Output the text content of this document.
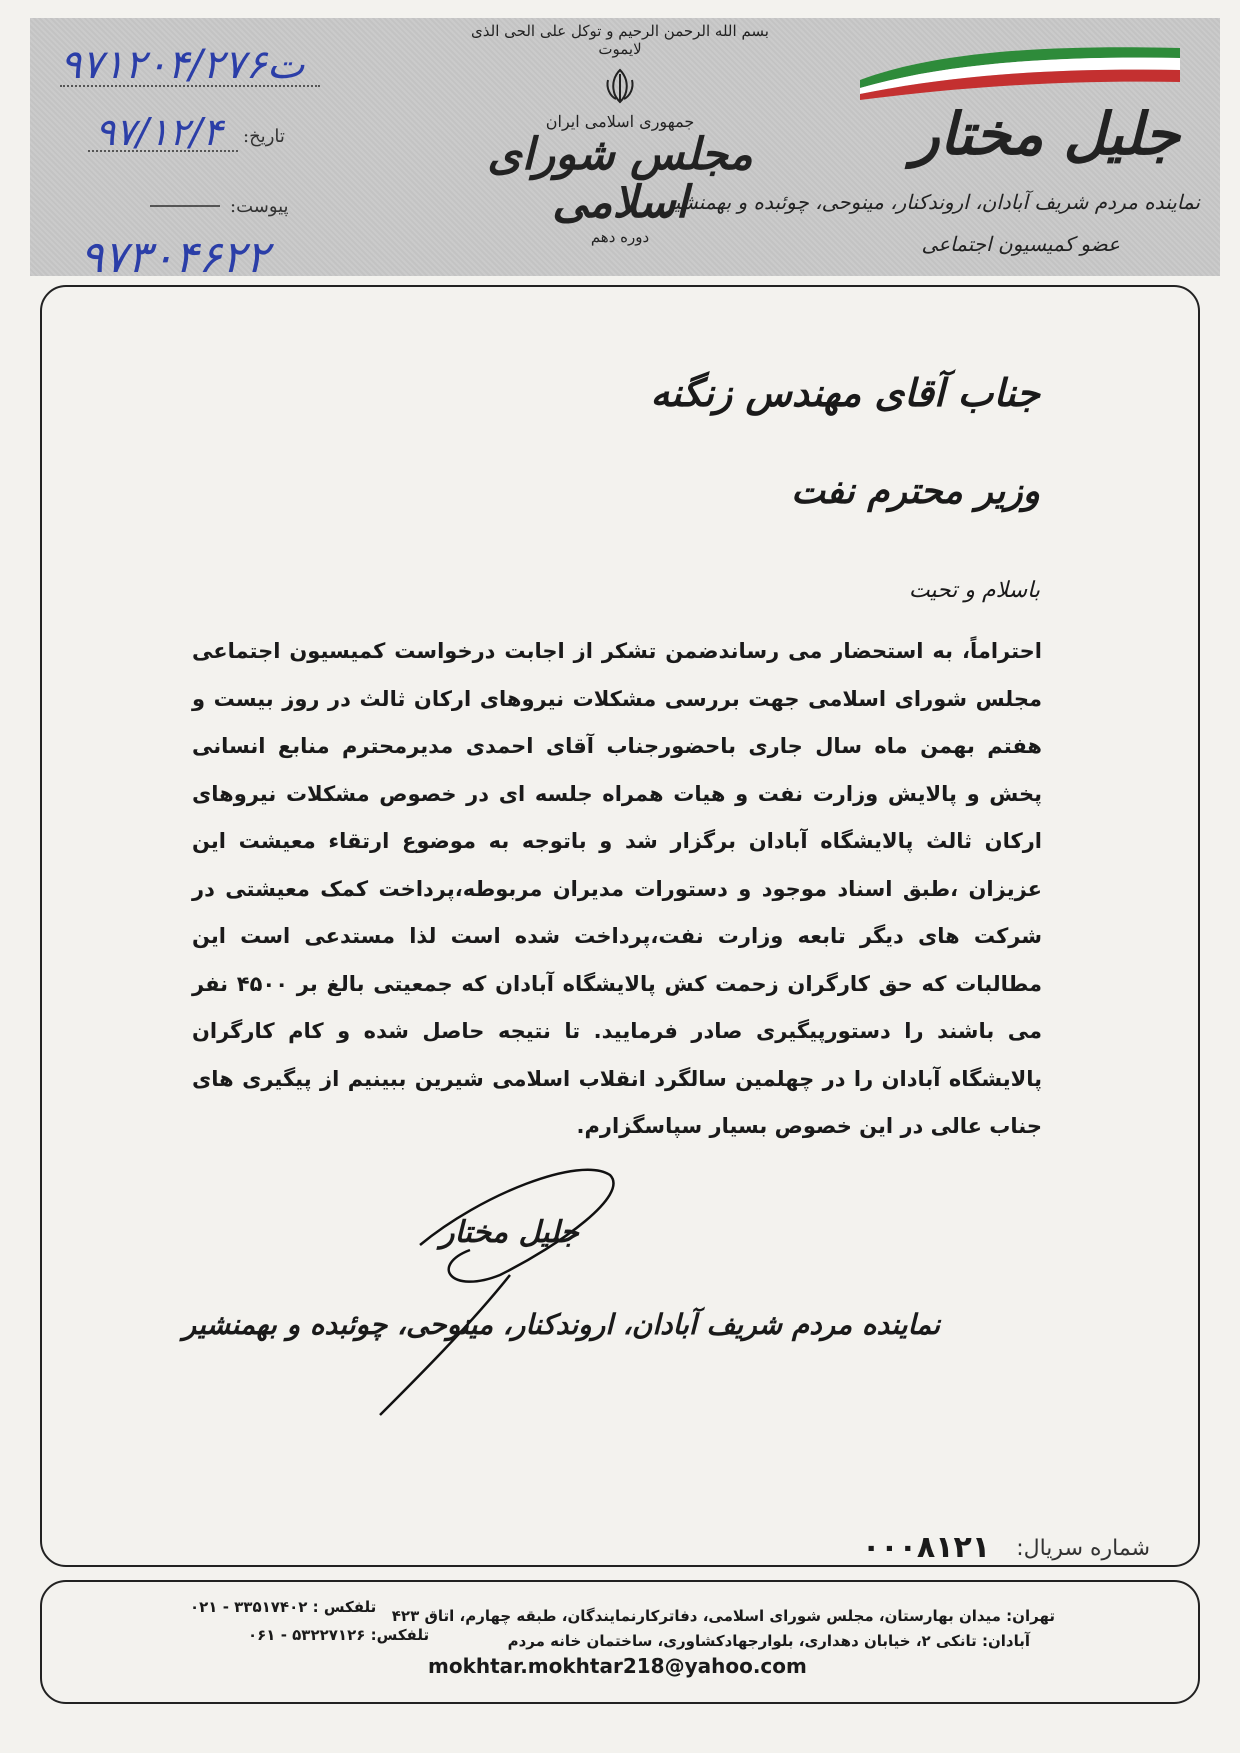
ت۹۷۱۲۰۴/۲۷۶
۹۷/۱۲/۴ تاریخ:
پیوست:
۹۷۳۰۴۶۲۲
بسم الله الرحمن الرحیم و توکل علی الحی الذی لایموت
جمهوری اسلامی ایران
مجلس شورای اسلامی
دوره دهم
جلیل مختار
نماینده مردم شریف آبادان، اروندکنار، مینوحی، چوئبده و بهمنشیر
عضو کمیسیون اجتماعی
جناب آقای مهندس زنگنه
وزیر محترم نفت
باسلام و تحیت

احتراماً، به استحضار می رساندضمن تشکر از اجابت درخواست کمیسیون اجتماعی مجلس شورای اسلامی جهت بررسی مشکلات نیروهای ارکان ثالث در روز بیست و هفتم بهمن ماه سال جاری باحضورجناب آقای احمدی مدیرمحترم منابع انسانی پخش و پالایش وزارت نفت و هیات همراه جلسه ای در خصوص مشکلات نیروهای ارکان ثالث پالایشگاه آبادان برگزار شد و باتوجه به موضوع ارتقاء معیشت این عزیزان ،طبق اسناد موجود و دستورات مدیران مربوطه،پرداخت کمک معیشتی در شرکت های دیگر تابعه وزارت نفت،پرداخت شده است لذا مستدعی است این مطالبات که حق کارگران زحمت کش پالایشگاه آبادان که جمعیتی بالغ بر ۴۵۰۰ نفر می باشند را دستورپیگیری صادر فرمایید. تا نتیجه حاصل شده و کام کارگران پالایشگاه آبادان را در چهلمین سالگرد انقلاب اسلامی شیرین ببینیم از پیگیری های جناب عالی در این خصوص بسیار سپاسگزارم.

جلیل مختار
نماینده مردم شریف آبادان، اروندکنار، مینوحی، چوئبده و بهمنشیر
شماره سریال:
۰۰۰۸۱۲۱
تهران: میدان بهارستان، مجلس شورای اسلامی، دفاترکارنمایندگان، طبقه چهارم، اتاق ۴۲۳
تلفکس : ۳۳۵۱۷۴۰۲ - ۰۲۱
آبادان: تانکی ۲، خیابان دهداری، بلوارجهادکشاوری، ساختمان خانه مردم
تلفکس: ۵۳۲۲۷۱۲۶ - ۰۶۱
mokhtar.mokhtar218@yahoo.com
